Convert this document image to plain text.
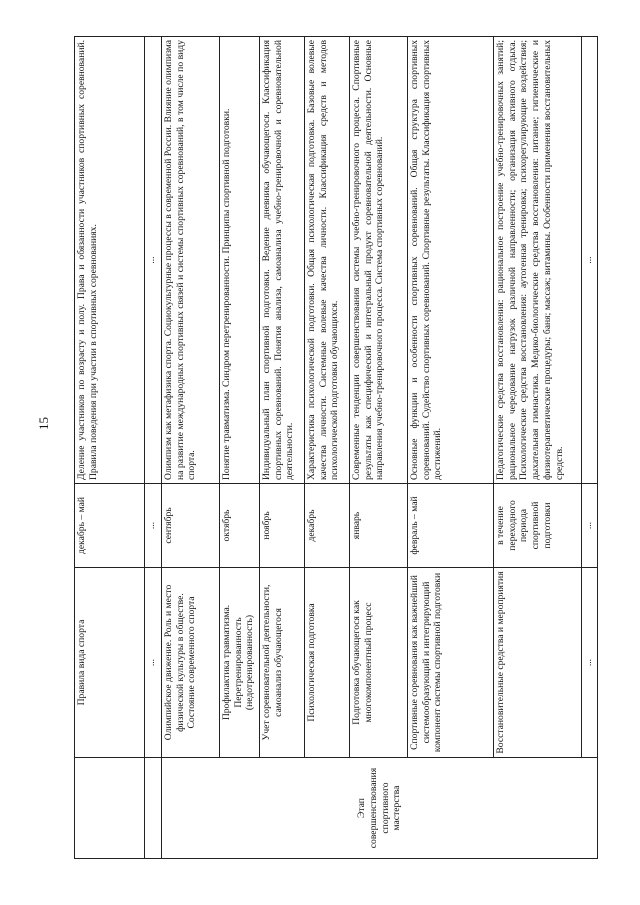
15
	Правила вида спорта	декабрь – май	Деление участников по возрасту и полу. Права и обязанности участников спортивных соревнований. Правила поведения при участии в спортивных соревнованиях.
	...	...	...
Этап совершенствования спортивного мастерства	Олимпийское движение. Роль и место физической культуры в обществе. Состояние современного спорта	сентябрь	Олимпизм как метафизика спорта. Социокультурные процессы в современной России. Влияние олимпизма на развитие международных спортивных связей и системы спортивных соревнований, в том числе по виду спорта.
	Профилактика травматизма. Перетренированность (недотренированность)	октябрь	Понятие травматизма. Синдром перетренированности. Принципы спортивной подготовки.
	Учет соревновательной деятельности, самоанализ обучающегося	ноябрь	Индивидуальный план спортивной подготовки. Ведение дневника обучающегося. Классификация спортивных соревнований. Понятия анализа, самоанализа учебно-тренировочной и соревновательной деятельности.
	Психологическая подготовка	декабрь	Характеристика психологической подготовки. Общая психологическая подготовка. Базовые волевые качества личности. Системные волевые качества личности. Классификация средств и методов психологической подготовки обучающихся.
	Подготовка обучающегося как многокомпонентный процесс	январь	Современные тенденции совершенствования системы учебно-тренировочного процесса. Спортивные результаты как специфический и интегральный продукт соревновательной деятельности. Основные направления учебно-тренировочного процесса. Система спортивных соревнований.
	Спортивные соревнования как важнейший системообразующий и интегрирующий компонент системы спортивной подготовки	февраль – май	Основные функции и особенности спортивных соревнований. Общая структура спортивных соревнований. Судейство спортивных соревнований. Спортивные результаты. Классификация спортивных достижений.
	Восстановительные средства и мероприятия	в течение переходного периода спортивной подготовки	Педагогические средства восстановления: рациональное построение учебно-тренировочных занятий; рациональное чередование нагрузок различной направленности; организация активного отдыха. Психологические средства восстановления: аутогенная тренировка; психорегулирующие воздействия; дыхательная гимнастика. Медико-биологические средства восстановления: питание; гигиенические и физиотерапевтические процедуры; баня; массаж; витамины. Особенности применения восстановительных средств.
	...	...	...
